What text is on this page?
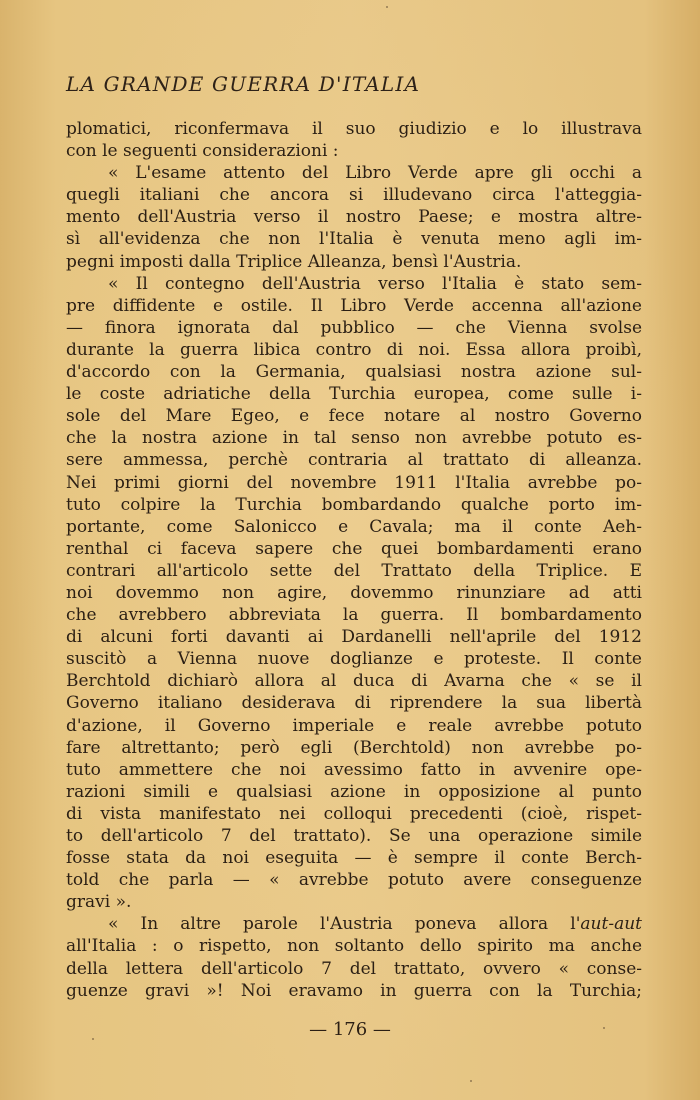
LA GRANDE GUERRA D'ITALIA
plomatici, riconfermava il suo giudizio e lo illustrava
con le seguenti considerazioni :
« L'esame attento del Libro Verde apre gli occhi a
quegli italiani che ancora si illudevano circa l'atteggia-
mento dell'Austria verso il nostro Paese; e mostra altre-
sì all'evidenza che non l'Italia è venuta meno agli im-
pegni imposti dalla Triplice Alleanza, bensì l'Austria.
« Il contegno dell'Austria verso l'Italia è stato sem-
pre diffidente e ostile. Il Libro Verde accenna all'azione
— finora ignorata dal pubblico — che Vienna svolse
durante la guerra libica contro di noi. Essa allora proibì,
d'accordo con la Germania, qualsiasi nostra azione sul-
le coste adriatiche della Turchia europea, come sulle i-
sole del Mare Egeo, e fece notare al nostro Governo
che la nostra azione in tal senso non avrebbe potuto es-
sere ammessa, perchè contraria al trattato di alleanza.
Nei primi giorni del novembre 1911 l'Italia avrebbe po-
tuto colpire la Turchia bombardando qualche porto im-
portante, come Salonicco e Cavala; ma il conte Aeh-
renthal ci faceva sapere che quei bombardamenti erano
contrari all'articolo sette del Trattato della Triplice. E
noi dovemmo non agire, dovemmo rinunziare ad atti
che avrebbero abbreviata la guerra. Il bombardamento
di alcuni forti davanti ai Dardanelli nell'aprile del 1912
suscitò a Vienna nuove doglianze e proteste. Il conte
Berchtold dichiarò allora al duca di Avarna che « se il
Governo italiano desiderava di riprendere la sua libertà
d'azione, il Governo imperiale e reale avrebbe potuto
fare altrettanto; però egli (Berchtold) non avrebbe po-
tuto ammettere che noi avessimo fatto in avvenire ope-
razioni simili e qualsiasi azione in opposizione al punto
di vista manifestato nei colloqui precedenti (cioè, rispet-
to dell'articolo 7 del trattato). Se una operazione simile
fosse stata da noi eseguita — è sempre il conte Berch-
told che parla — « avrebbe potuto avere conseguenze
gravi ».
« In altre parole l'Austria poneva allora l'aut-aut
all'Italia : o rispetto, non soltanto dello spirito ma anche
della lettera dell'articolo 7 del trattato, ovvero « conse-
guenze gravi »! Noi eravamo in guerra con la Turchia;
— 176 —
